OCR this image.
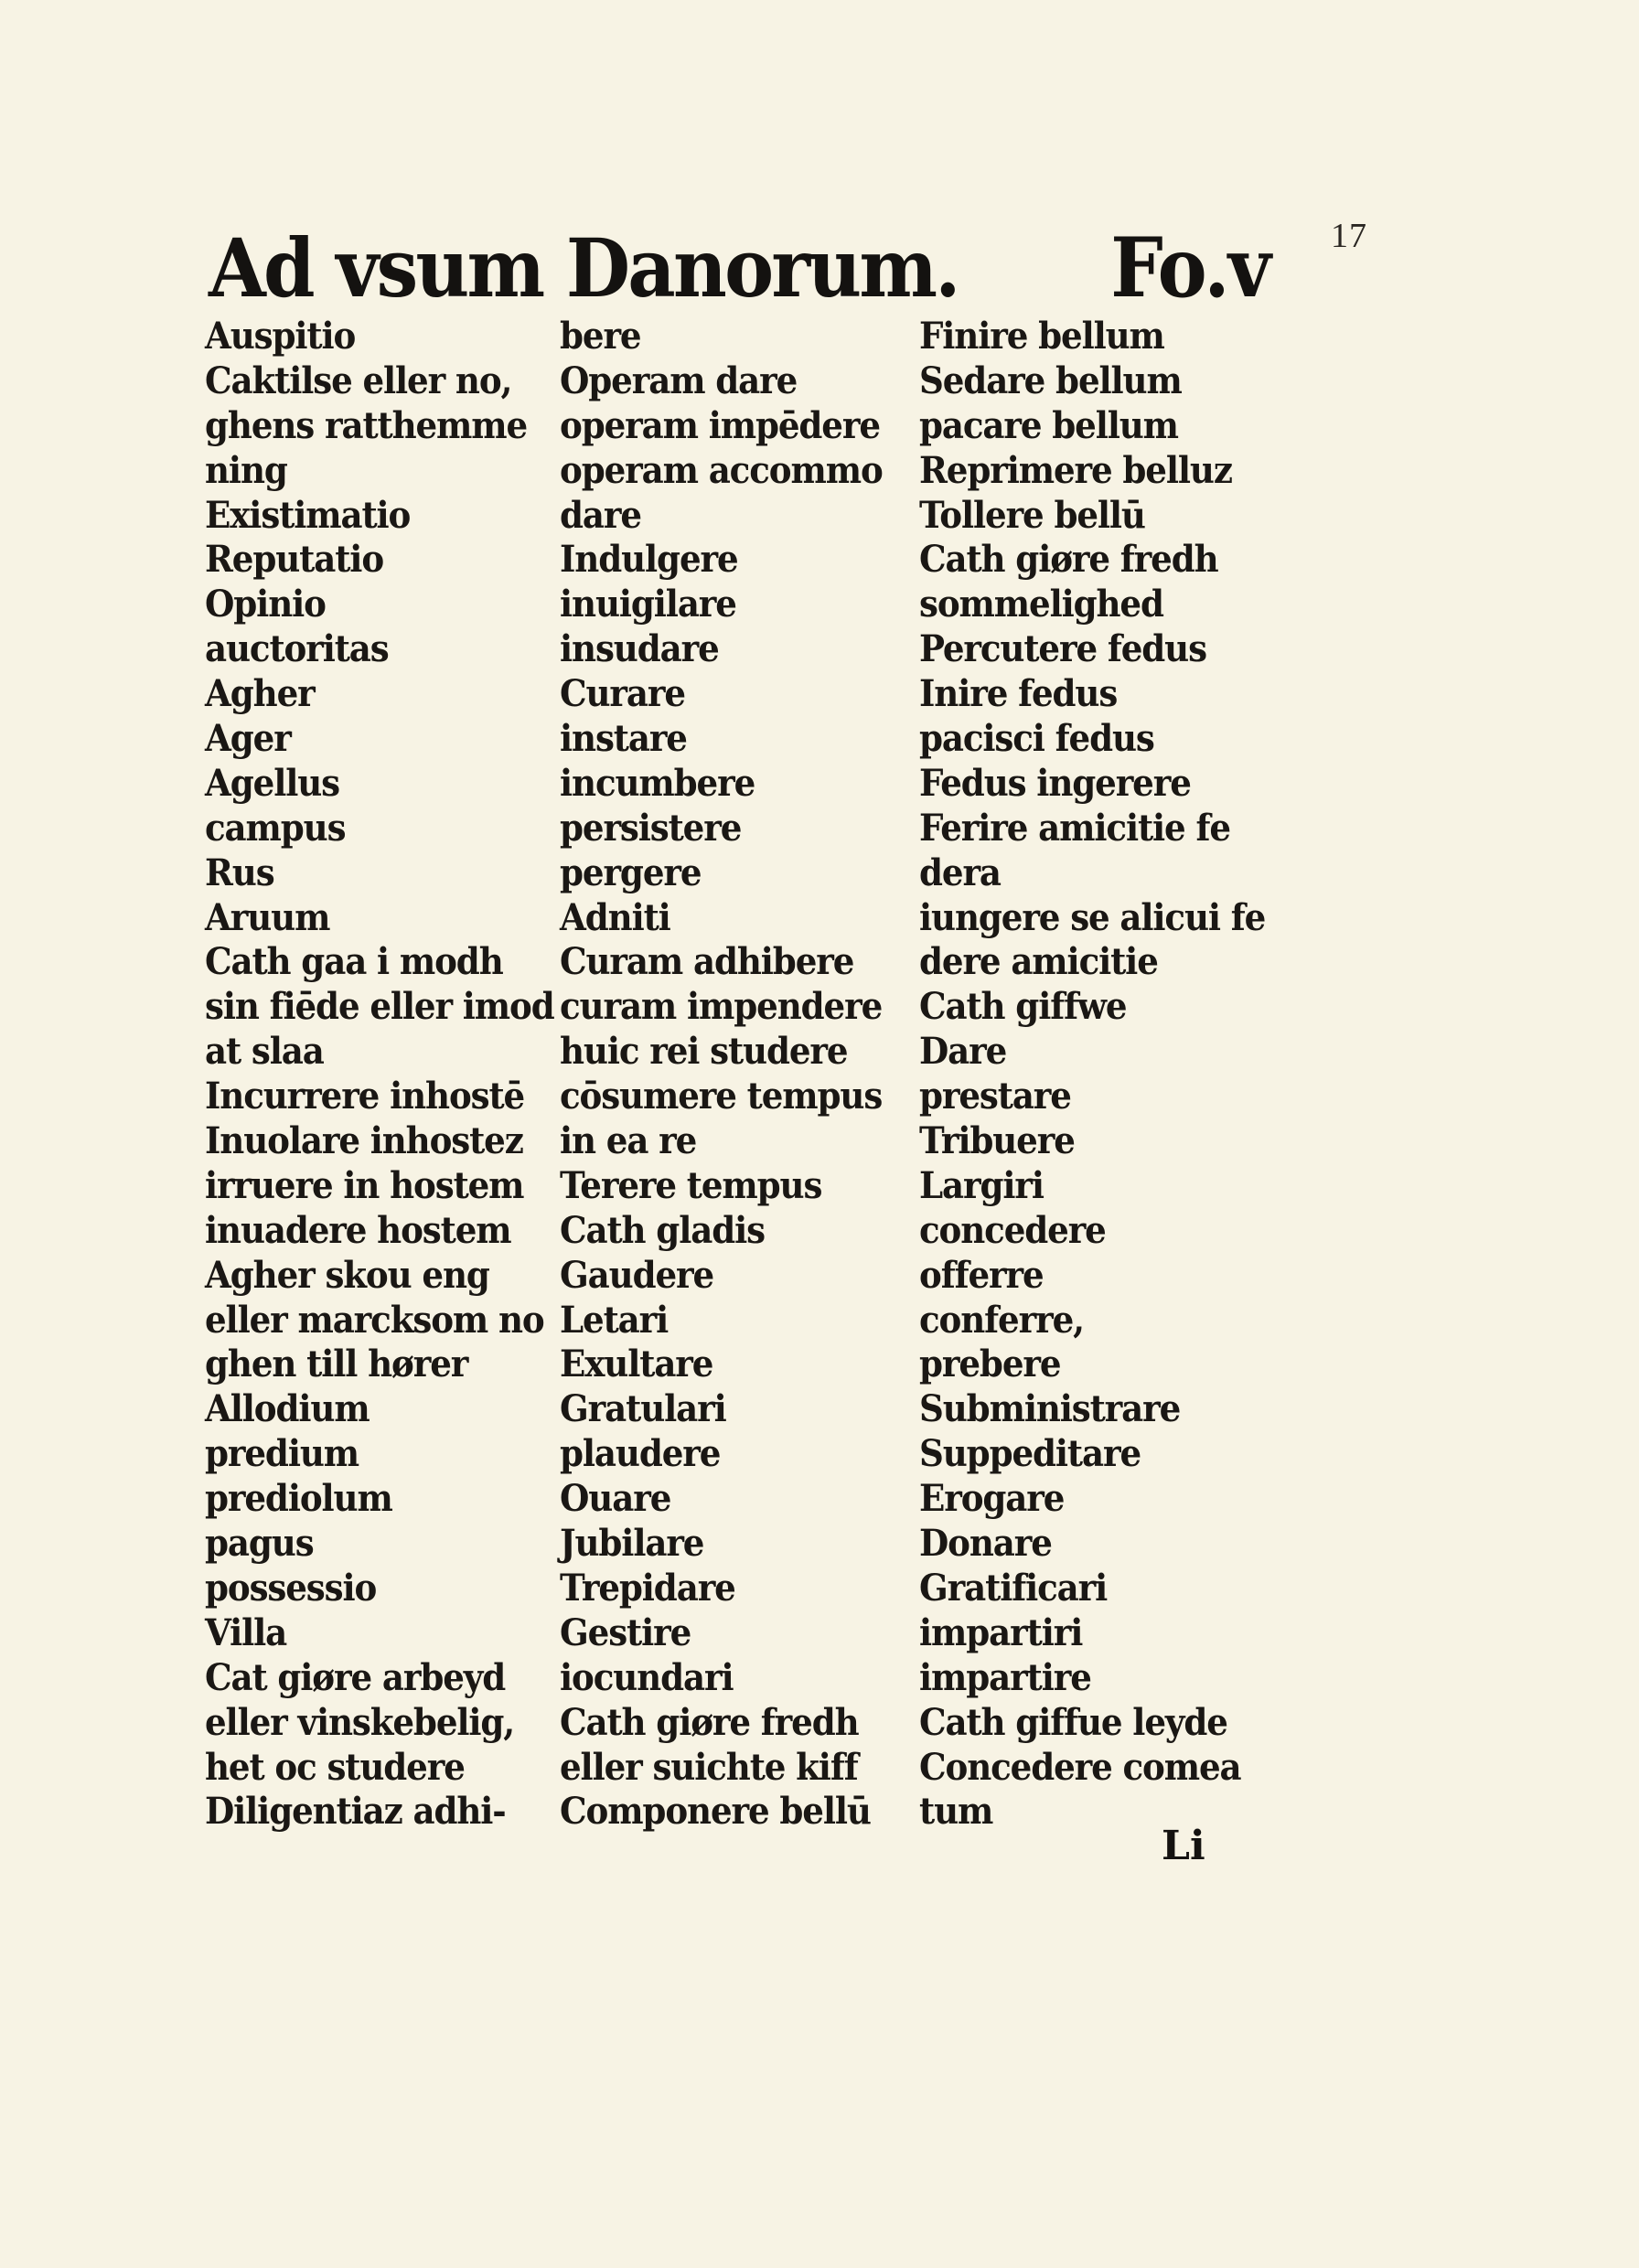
17
Ad vsum Danorum. Fo.v
Auspitio
Caktilse eller no,
ghens ratthemme
ning
Existimatio
Reputatio
Opinio
auctoritas
Agher
Ager
Agellus
campus
Rus
Aruum
Cath gaa i modh
sin fiēde eller imod
at slaa
Incurrere inhostē
Inuolare inhostez
irruere in hostem
inuadere hostem
Agher skou eng
eller marcksom no
ghen till hører
Allodium
predium
prediolum
pagus
possessio
Villa
Cat giøre arbeyd
eller vinskebelig,
het oc studere
Diligentiaz adhi-
bere
Operam dare
operam impēdere
operam accommo
dare
Indulgere
inuigilare
insudare
Curare
instare
incumbere
persistere
pergere
Adniti
Curam adhibere
curam impendere
huic rei studere
cōsumere tempus
in ea re
Terere tempus
Cath gladis
Gaudere
Letari
Exultare
Gratulari
plaudere
Ouare
Jubilare
Trepidare
Gestire
iocundari
Cath giøre fredh
eller suichte kiff
Componere bellū
Finire bellum
Sedare bellum
pacare bellum
Reprimere belluz
Tollere bellū
Cath giøre fredh
sommelighed
Percutere fedus
Inire fedus
pacisci fedus
Fedus ingerere
Ferire amicitie fe
dera
iungere se alicui fe
dere amicitie
Cath giffwe
Dare
prestare
Tribuere
Largiri
concedere
offerre
conferre,
prebere
Subministrare
Suppeditare
Erogare
Donare
Gratificari
impartiri
impartire
Cath giffue leyde
Concedere comea
tum
Li
